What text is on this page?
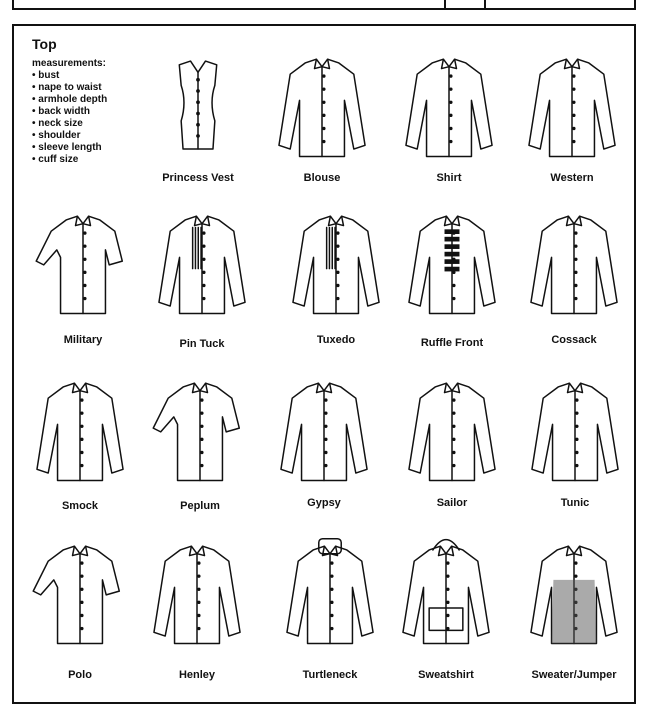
Top
measurements:
• bust
• nape to waist
• armhole depth
• back width
• neck size
• shoulder
• sleeve length
• cuff size
Princess Vest	Blouse	Shirt	Western
Military	Pin Tuck	Tuxedo	Ruffle Front	Cossack
Smock	Peplum	Gypsy	Sailor	Tunic
Polo	Henley	Turtleneck	Sweatshirt	Sweater/Jumper
